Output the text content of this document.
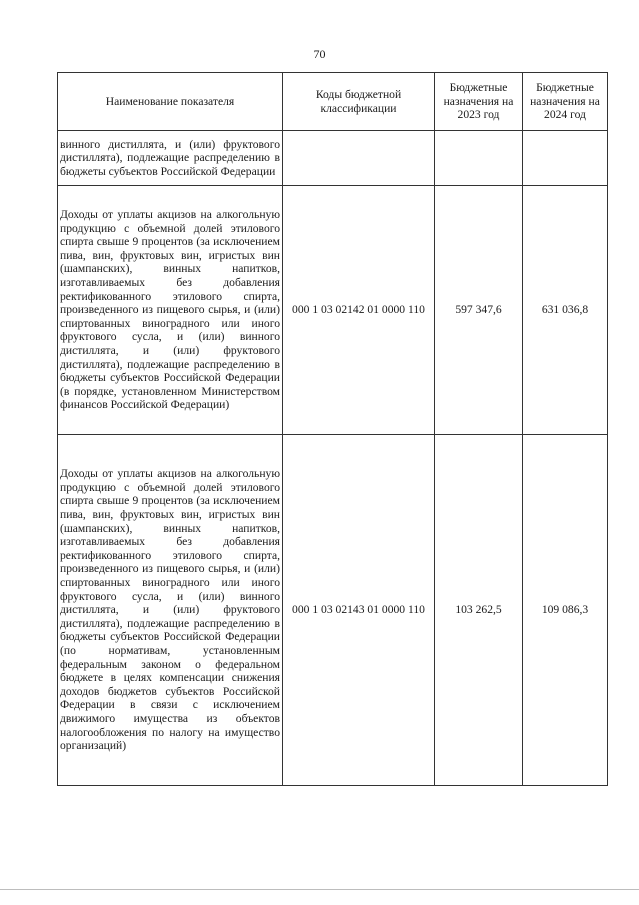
70
Наименование показателя	Коды бюджетной классификации	Бюджетные назначения на 2023 год	Бюджетные назначения на 2024 год
винного дистиллята, и (или) фруктового дистиллята), подлежащие распределению в бюджеты субъектов Российской Федерации			
Доходы от уплаты акцизов на алкогольную продукцию с объемной долей этилового спирта свыше 9 процентов (за исключением пива, вин, фруктовых вин, игристых вин (шампанских), винных напитков, изготавливаемых без добавления ректификованного этилового спирта, произведенного из пищевого сырья, и (или) спиртованных виноградного или иного фруктового сусла, и (или) винного дистиллята, и (или) фруктового дистиллята), подлежащие распределению в бюджеты субъектов Российской Федерации (в порядке, установленном Министерством финансов Российской Федерации)	000 1 03 02142 01 0000 110	597 347,6	631 036,8
Доходы от уплаты акцизов на алкогольную продукцию с объемной долей этилового спирта свыше 9 процентов (за исключением пива, вин, фруктовых вин, игристых вин (шампанских), винных напитков, изготавливаемых без добавления ректификованного этилового спирта, произведенного из пищевого сырья, и (или) спиртованных виноградного или иного фруктового сусла, и (или) винного дистиллята, и (или) фруктового дистиллята), подлежащие распределению в бюджеты субъектов Российской Федерации (по нормативам, установленным федеральным законом о федеральном бюджете в целях компенсации снижения доходов бюджетов субъектов Российской Федерации в связи с исключением движимого имущества из объектов налогообложения по налогу на имущество организаций)	000 1 03 02143 01 0000 110	103 262,5	109 086,3
